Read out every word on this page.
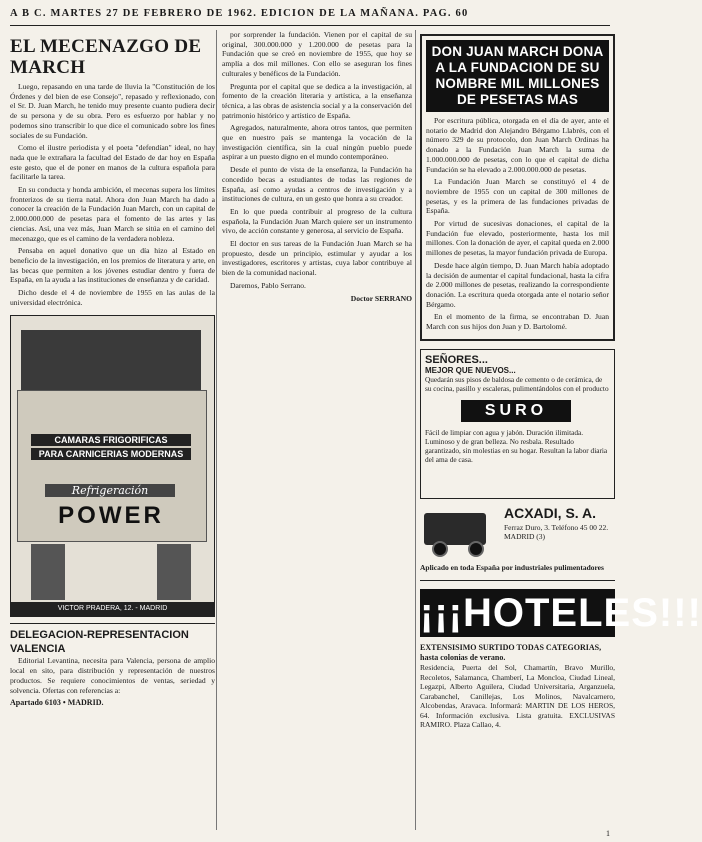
A B C. MARTES 27 DE FEBRERO DE 1962. EDICION DE LA MAÑANA. PAG. 60
EL MECENAZGO DE MARCH

Luego, repasando en una tarde de lluvia la "Constitución de los Órdenes y del bien de ese Consejo", repasado y reflexionado, con el Sr. D. Juan March, he tenido muy presente cuanto pudiera decir de su persona y de su obra. Pero es esfuerzo por hablar y no podemos sino transcribir lo que dice el comunicado sobre los fines sociales de su Fundación.

Como el ilustre periodista y el poeta "defendían" ideal, no hay nada que le extrañara la facultad del Estado de dar hoy en España este gesto, que el de poner en manos de la cultura española para facilitarle la tarea.

En su conducta y honda ambición, el mecenas supera los límites fronterizos de su tierra natal. Ahora don Juan March ha dado a conocer la creación de la Fundación Juan March, con un capital de 2.000.000.000 de pesetas para el fomento de las artes y las ciencias. Así, una vez más, Juan March se sitúa en el camino del mecenazgo, que es el camino de la verdadera nobleza.

Pensaba en aquel donativo que un día hizo al Estado en beneficio de la investigación, en los premios de literatura y arte, en las becas que permiten a los jóvenes estudiar dentro y fuera de España, en la ayuda a las instituciones de enseñanza y de caridad.

Dicho desde el 4 de noviembre de 1955 en las aulas de la universidad electrónica.

CAMARAS FRIGORIFICAS
PARA CARNICERIAS MODERNAS
Refrigeración
POWER
VICTOR PRADERA, 12. - MADRID
DELEGACION-REPRESENTACION VALENCIA

Editorial Levantina, necesita para Valencia, persona de amplio local en sito, para distribución y representación de nuestros productos. Se requiere conocimientos de ventas, seriedad y solvencia. Ofertas con referencias a:

Apartado 6103 • MADRID.

por sorprender la fundación. Vienen por el capital de su original, 300.000.000 y 1.200.000 de pesetas para la Fundación que se creó en noviembre de 1955, que hoy se amplía a dos mil millones. Con ello se aseguran los fines culturales y benéficos de la Fundación.

Pregunta por el capital que se dedica a la investigación, al fomento de la creación literaria y artística, a la enseñanza técnica, a las obras de asistencia social y a la conservación del patrimonio histórico y artístico de España.

Agregados, naturalmente, ahora otros tantos, que permiten que en nuestro país se mantenga la vocación de la investigación científica, sin la cual ningún pueblo puede aspirar a un puesto digno en el mundo contemporáneo.

Desde el punto de vista de la enseñanza, la Fundación ha concedido becas a estudiantes de todas las regiones de España, así como ayudas a centros de investigación y a instituciones de cultura, en un gesto que honra a su creador.

En lo que pueda contribuir al progreso de la cultura española, la Fundación Juan March quiere ser un instrumento vivo, de acción constante y generosa, al servicio de España.

El doctor en sus tareas de la Fundación Juan March se ha propuesto, desde un principio, estimular y ayudar a los investigadores, escritores y artistas, cuya labor contribuye al bien de la comunidad nacional.

Daremos, Pablo Serrano.

Doctor SERRANO

DON JUAN MARCH DONA A LA FUNDACION DE SU NOMBRE MIL MILLONES DE PESETAS MAS

Por escritura pública, otorgada en el día de ayer, ante el notario de Madrid don Alejandro Bérgamo Llabrés, con el número 329 de su protocolo, don Juan March Ordinas ha donado a la Fundación Juan March la suma de 1.000.000.000 de pesetas, con lo que el capital de dicha Fundación se ha elevado a 2.000.000.000 de pesetas.

La Fundación Juan March se constituyó el 4 de noviembre de 1955 con un capital de 300 millones de pesetas, y es la primera de las fundaciones privadas de España.

Por virtud de sucesivas donaciones, el capital de la Fundación fue elevado, posteriormente, hasta los mil millones. Con la donación de ayer, el capital queda en 2.000 millones de pesetas, la mayor fundación privada de Europa.

Desde hace algún tiempo, D. Juan March había adoptado la decisión de aumentar el capital fundacional, hasta la cifra de 2.000 millones de pesetas, realizando la correspondiente donación. La escritura queda otorgada ante el notario señor Bérgamo.

En el momento de la firma, se encontraban D. Juan March con sus hijos don Juan y D. Bartolomé.

SEÑORES...
MEJOR QUE NUEVOS...
Quedarán sus pisos de baldosa de cemento o de cerámica, de su cocina, pasillo y escaleras, pulimentándolos con el producto
SURO
Fácil de limpiar con agua y jabón. Duración ilimitada. Luminoso y de gran belleza. No resbala. Resultado garantizado, sin molestias en su hogar. Resultan la labor diaria del ama de casa.
ACXADI, S. A.
Ferraz Duro, 3. Teléfono 45 00 22. MADRID (3)
Aplicado en toda España por industriales pulimentadores
¡¡¡HOTELES!!!
EXTENSISIMO SURTIDO TODAS CATEGORIAS, hasta colonias de verano.
Residencia, Puerta del Sol, Chamartín, Bravo Murillo, Recoletos, Salamanca, Chamberí, La Moncloa, Ciudad Lineal, Legazpi, Alberto Aguilera, Ciudad Universitaria, Arganzuela, Carabanchel, Canillejas, Los Molinos, Navalcarnero, Alcobendas, Aravaca. Informará: MARTIN DE LOS HEROS, 64. Información exclusiva. Lista gratuita. EXCLUSIVAS RAMIRO. Plaza Callao, 4.
1
